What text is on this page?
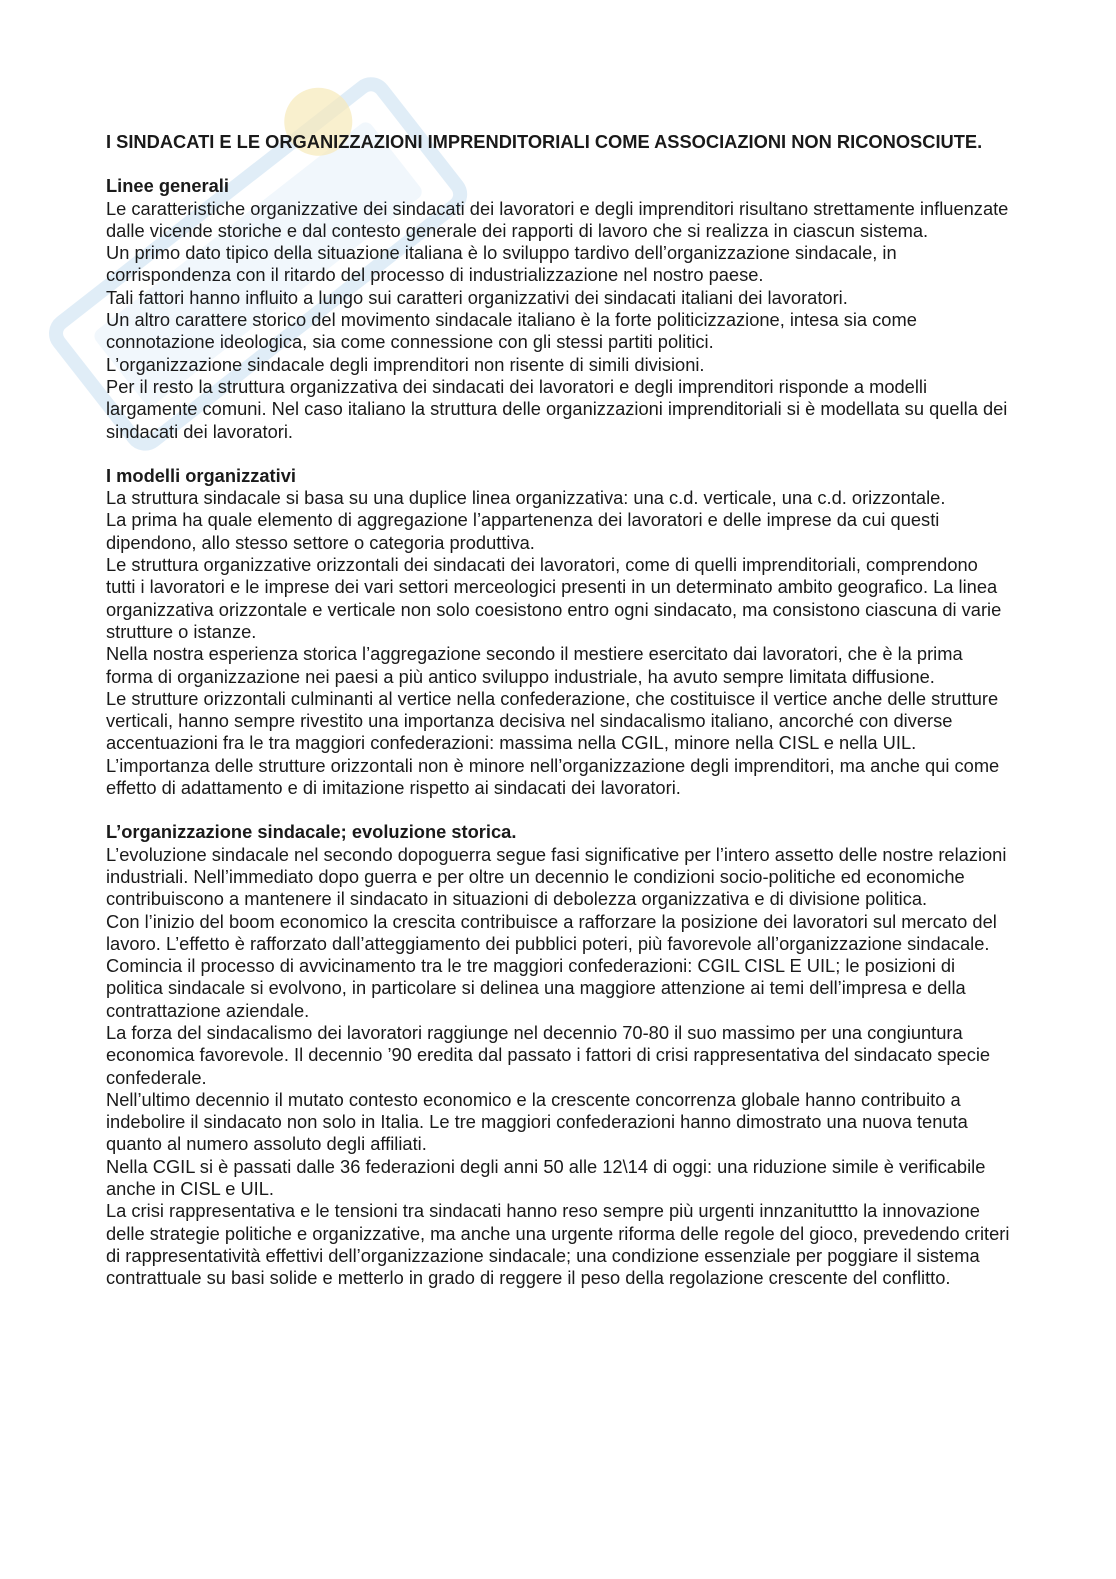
I SINDACATI E LE ORGANIZZAZIONI IMPRENDITORIALI COME ASSOCIAZIONI NON RICONOSCIUTE.
Linee generali

Le caratteristiche organizzative dei sindacati dei lavoratori e degli imprenditori risultano strettamente influenzate dalle vicende storiche e dal contesto generale dei rapporti di lavoro che si realizza in ciascun sistema.

Un primo dato tipico della situazione italiana è lo sviluppo tardivo dell’organizzazione sindacale, in corrispondenza con il ritardo del processo di industrializzazione nel nostro paese.

Tali fattori hanno influito a lungo sui caratteri organizzativi dei sindacati italiani dei lavoratori.

Un altro carattere storico del movimento sindacale italiano è la forte politicizzazione, intesa sia come connotazione ideologica, sia come connessione con gli stessi partiti politici.

L’organizzazione sindacale degli imprenditori non risente di simili divisioni.

Per il resto la struttura organizzativa dei sindacati dei lavoratori e degli imprenditori risponde a modelli largamente comuni. Nel caso italiano la struttura delle organizzazioni imprenditoriali si è modellata su quella dei sindacati dei lavoratori.

I modelli organizzativi

La struttura sindacale si basa su una duplice linea organizzativa: una c.d. verticale, una c.d. orizzontale.

La prima ha quale elemento di aggregazione l’appartenenza dei lavoratori e delle imprese da cui questi dipendono, allo stesso settore o categoria produttiva.

Le struttura organizzative orizzontali dei sindacati dei lavoratori, come di quelli imprenditoriali, comprendono tutti i lavoratori e le imprese dei vari settori merceologici presenti in un determinato ambito geografico. La linea organizzativa orizzontale e verticale non solo coesistono entro ogni sindacato, ma consistono ciascuna di varie strutture o istanze.

Nella nostra esperienza storica l’aggregazione secondo il mestiere esercitato dai lavoratori, che è la prima forma di organizzazione nei paesi a più antico sviluppo industriale, ha avuto sempre limitata diffusione.

Le strutture orizzontali culminanti al vertice nella confederazione, che costituisce il vertice anche delle strutture verticali, hanno sempre rivestito una importanza decisiva nel sindacalismo italiano, ancorché con diverse accentuazioni fra le tra maggiori confederazioni: massima nella CGIL, minore nella CISL e nella UIL.

L’importanza delle strutture orizzontali non è minore nell’organizzazione degli imprenditori, ma anche qui come effetto di adattamento e di imitazione rispetto ai sindacati dei lavoratori.

L’organizzazione sindacale; evoluzione storica.

L’evoluzione sindacale nel secondo dopoguerra segue fasi significative per l’intero assetto delle nostre relazioni industriali. Nell’immediato dopo guerra e per oltre un decennio le condizioni socio-politiche ed economiche contribuiscono a mantenere il sindacato in situazioni di debolezza organizzativa e di divisione politica.

Con l’inizio del boom economico la crescita contribuisce a rafforzare la posizione dei lavoratori sul mercato del lavoro. L’effetto è rafforzato dall’atteggiamento dei pubblici poteri, più favorevole all’organizzazione sindacale. Comincia il processo di avvicinamento tra le tre maggiori confederazioni: CGIL CISL E UIL; le posizioni di politica sindacale si evolvono, in particolare si delinea una maggiore attenzione ai temi dell’impresa e della contrattazione aziendale.

La forza del sindacalismo dei lavoratori raggiunge nel decennio 70-80 il suo massimo per una congiuntura economica favorevole. Il decennio ’90 eredita dal passato i fattori di crisi rappresentativa del sindacato specie confederale.

Nell’ultimo decennio il mutato contesto economico e la crescente concorrenza globale hanno contribuito a indebolire il sindacato non solo in Italia. Le tre maggiori confederazioni hanno dimostrato una nuova tenuta quanto al numero assoluto degli affiliati.

Nella CGIL si è passati dalle 36 federazioni degli anni 50 alle 12\14 di oggi: una riduzione simile è verificabile anche in CISL e UIL.

La crisi rappresentativa e le tensioni tra sindacati hanno reso sempre più urgenti innzanituttto la innovazione delle strategie politiche e organizzative, ma anche una urgente riforma delle regole del gioco, prevedendo criteri di rappresentatività effettivi dell’organizzazione sindacale; una condizione essenziale per poggiare il sistema contrattuale su basi solide e metterlo in grado di reggere il peso della regolazione crescente del conflitto.
